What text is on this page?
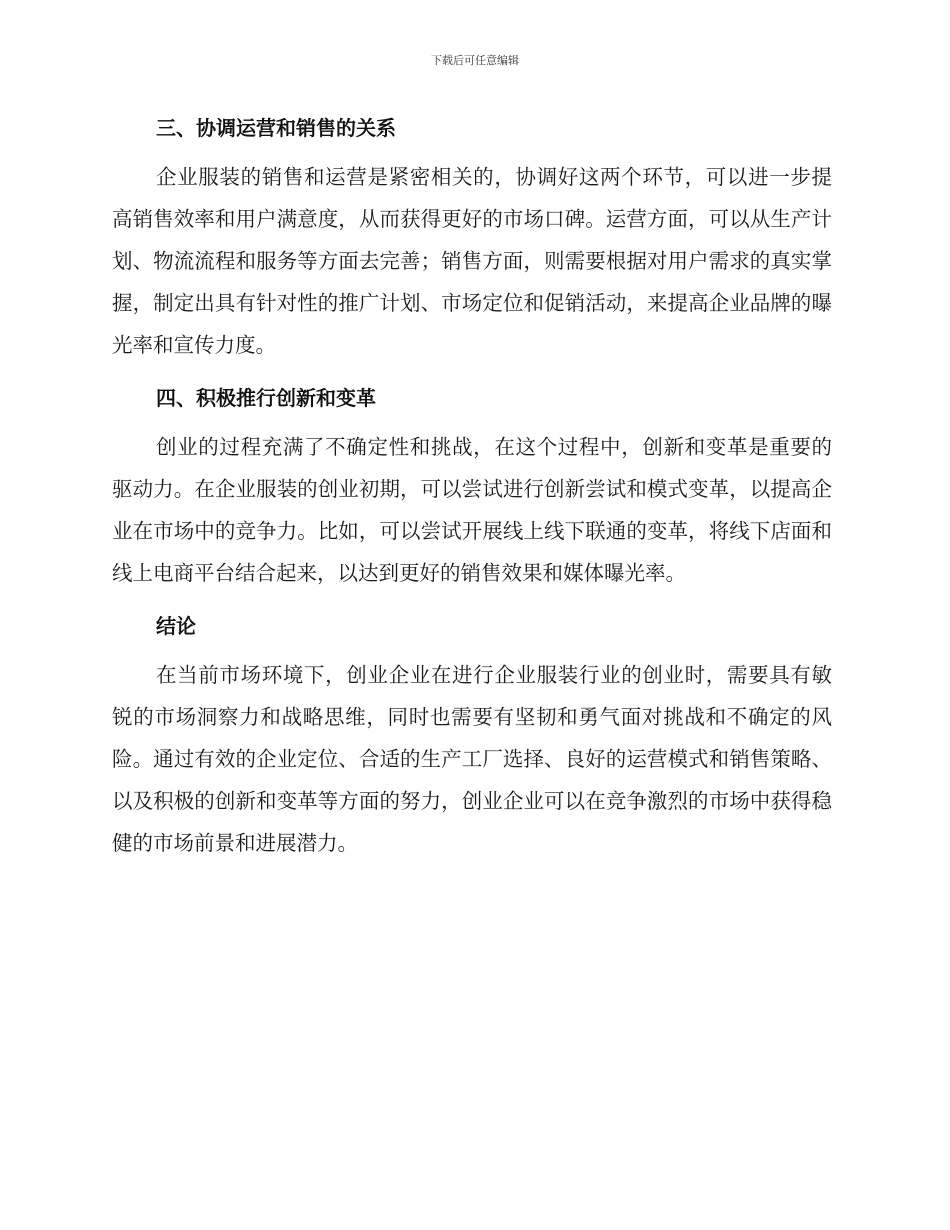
下载后可任意编辑
三、协调运营和销售的关系

企业服装的销售和运营是紧密相关的，协调好这两个环节，可以进一步提高销售效率和用户满意度，从而获得更好的市场口碑。运营方面，可以从生产计划、物流流程和服务等方面去完善；销售方面，则需要根据对用户需求的真实掌握，制定出具有针对性的推广计划、市场定位和促销活动，来提高企业品牌的曝光率和宣传力度。

四、积极推行创新和变革

创业的过程充满了不确定性和挑战，在这个过程中，创新和变革是重要的驱动力。在企业服装的创业初期，可以尝试进行创新尝试和模式变革，以提高企业在市场中的竞争力。比如，可以尝试开展线上线下联通的变革，将线下店面和线上电商平台结合起来，以达到更好的销售效果和媒体曝光率。

结论

在当前市场环境下，创业企业在进行企业服装行业的创业时，需要具有敏锐的市场洞察力和战略思维，同时也需要有坚韧和勇气面对挑战和不确定的风险。通过有效的企业定位、合适的生产工厂选择、良好的运营模式和销售策略、以及积极的创新和变革等方面的努力，创业企业可以在竞争激烈的市场中获得稳健的市场前景和进展潜力。
